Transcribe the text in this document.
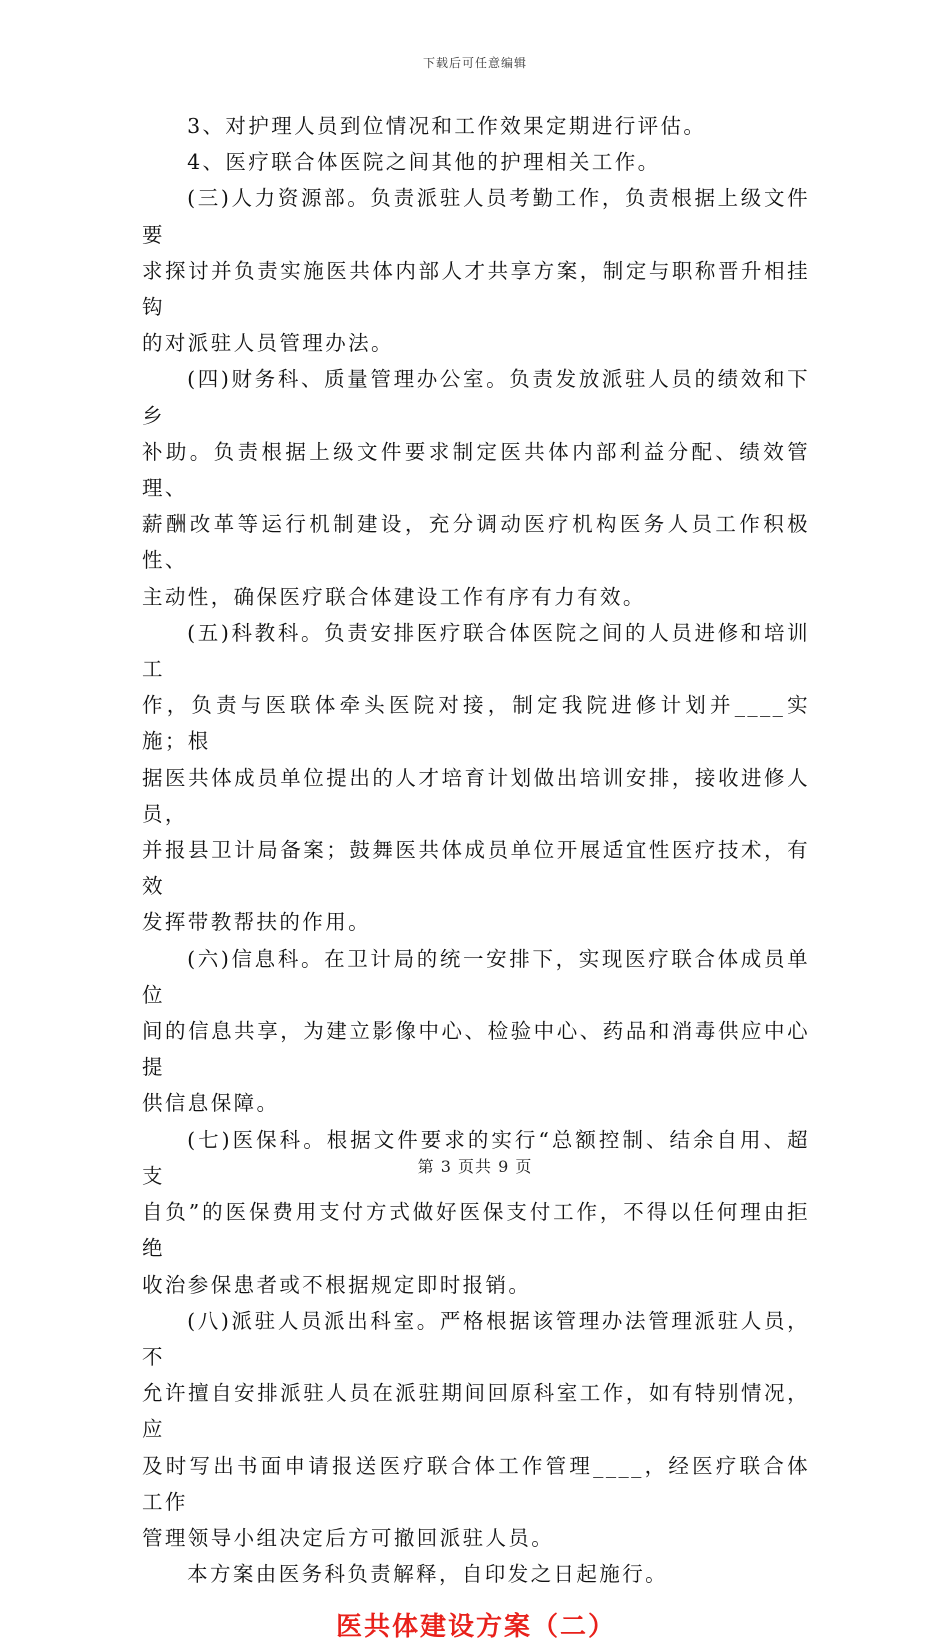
下载后可任意编辑

3、对护理人员到位情况和工作效果定期进行评估。

4、医疗联合体医院之间其他的护理相关工作。

(三)人力资源部。负责派驻人员考勤工作，负责根据上级文件要
求探讨并负责实施医共体内部人才共享方案，制定与职称晋升相挂钩
的对派驻人员管理办法。

(四)财务科、质量管理办公室。负责发放派驻人员的绩效和下乡
补助。负责根据上级文件要求制定医共体内部利益分配、绩效管理、
薪酬改革等运行机制建设，充分调动医疗机构医务人员工作积极性、
主动性，确保医疗联合体建设工作有序有力有效。

(五)科教科。负责安排医疗联合体医院之间的人员进修和培训工
作，负责与医联体牵头医院对接，制定我院进修计划并____实施；根
据医共体成员单位提出的人才培育计划做出培训安排，接收进修人员，
并报县卫计局备案；鼓舞医共体成员单位开展适宜性医疗技术，有效
发挥带教帮扶的作用。

(六)信息科。在卫计局的统一安排下，实现医疗联合体成员单位
间的信息共享，为建立影像中心、检验中心、药品和消毒供应中心提
供信息保障。

(七)医保科。根据文件要求的实行“总额控制、结余自用、超支
自负”的医保费用支付方式做好医保支付工作，不得以任何理由拒绝
收治参保患者或不根据规定即时报销。

(八)派驻人员派出科室。严格根据该管理办法管理派驻人员，不
允许擅自安排派驻人员在派驻期间回原科室工作，如有特别情况，应
及时写出书面申请报送医疗联合体工作管理____，经医疗联合体工作
管理领导小组决定后方可撤回派驻人员。

本方案由医务科负责解释，自印发之日起施行。

医共体建设方案（二）
第 3 页共 9 页
